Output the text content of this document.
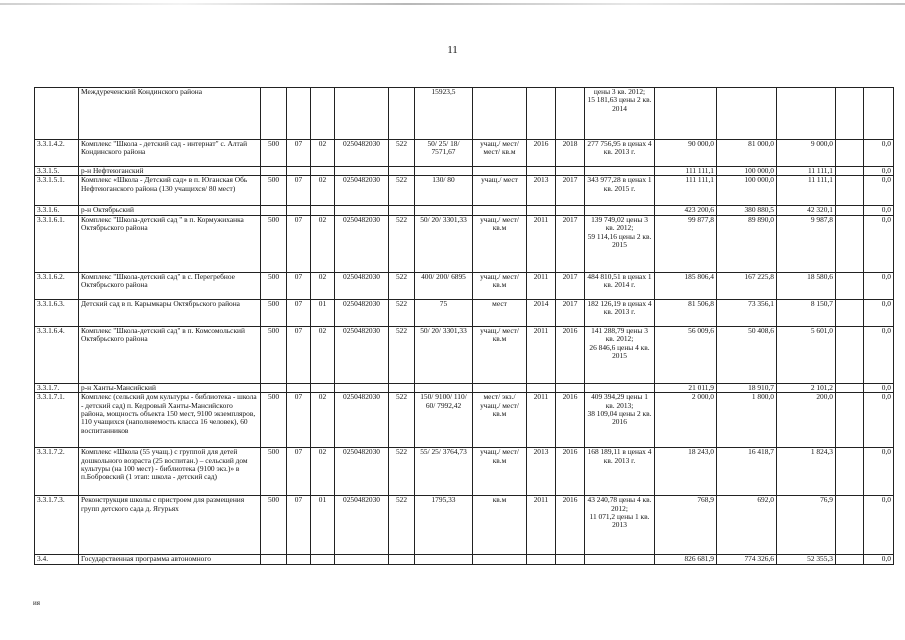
11
	Междуреченский Кондинского района						15923,5				цены 3 кв. 2012;
15 181,63 цены 2 кв. 2014					
3.3.1.4.2.	Комплекс "Школа - детский сад - интернат" с. Алтай Кондинского района	500	07	02	0250482030	522	50/ 25/ 18/ 7571,67	учащ./ мест/ мест/ кв.м	2016	2018	277 756,95 в ценах 4 кв. 2013 г.	90 000,0	81 000,0	9 000,0		0,0
3.3.1.5.	р-н Нефтеюганский											111 111,1	100 000,0	11 111,1		0,0
3.3.1.5.1.	Комплекс «Школа - Детский сад» в п. Юганская Обь Нефтеюганского района (130 учащихся/ 80 мест)	500	07	02	0250482030	522	130/ 80	учащ./ мест	2013	2017	343 977,28 в ценах 1 кв. 2015 г.	111 111,1	100 000,0	11 111,1		0,0
3.3.1.6.	р-н Октябрьский											423 200,6	380 880,5	42 320,1		0,0
3.3.1.6.1.	Комплекс "Школа-детский сад " в п. Кормужиханка Октябрьского района	500	07	02	0250482030	522	50/ 20/ 3301,33	учащ./ мест/ кв.м	2011	2017	139 749,02 цены 3 кв. 2012;
59 114,16 цены 2 кв. 2015	99 877,8	89 890,0	9 987,8		0,0
3.3.1.6.2.	Комплекс "Школа-детский сад" в с. Перегребное Октябрьского района	500	07	02	0250482030	522	400/ 200/ 6895	учащ./ мест/ кв.м	2011	2017	484 810,51 в ценах 1 кв. 2014 г.	185 806,4	167 225,8	18 580,6		0,0
3.3.1.6.3.	Детский сад в п. Карымкары Октябрьского района	500	07	01	0250482030	522	75	мест	2014	2017	182 126,19 в ценах 4 кв. 2013 г.	81 506,8	73 356,1	8 150,7		0,0
3.3.1.6.4.	Комплекс "Школа-детский сад" в п. Комсомольский Октябрьского района	500	07	02	0250482030	522	50/ 20/ 3301,33	учащ./ мест/ кв.м	2011	2016	141 288,79 цены 3 кв. 2012;
26 846,6 цены 4 кв. 2015	56 009,6	50 408,6	5 601,0		0,0
3.3.1.7.	р-н Ханты-Мансийский											21 011,9	18 910,7	2 101,2		0,0
3.3.1.7.1.	Комплекс (сельский дом культуры - библиотека - школа - детский сад) п. Кедровый Ханты-Мансийского района, мощность объекта 150 мест, 9100 экземпляров, 110 учащихся (наполняемость класса 16 человек), 60 воспитанников	500	07	02	0250482030	522	150/ 9100/ 110/ 60/ 7992,42	мест/ экз./ учащ./ мест/ кв.м	2011	2016	409 394,29 цены 1 кв. 2013;
38 109,04 цены 2 кв. 2016	2 000,0	1 800,0	200,0		0,0
3.3.1.7.2.	Комплекс «Школа (55 учащ.) с группой для детей дошкольного возраста (25 воспитан.) – сельский дом культуры (на 100 мест) - библиотека (9100 экз.)» в п.Бобровский (1 этап: школа - детский сад)	500	07	02	0250482030	522	55/ 25/ 3764,73	учащ./ мест/ кв.м	2013	2016	168 189,11 в ценах 4 кв. 2013 г.	18 243,0	16 418,7	1 824,3		0,0
3.3.1.7.3.	Реконструкция школы с пристроем для размещения групп детского сада д. Ягурьях	500	07	01	0250482030	522	1795,33	кв.м	2011	2016	43 240,78 цены 4 кв. 2012;
11 071,2 цены 1 кв. 2013	768,9	692,0	76,9		0,0
3.4.	Государственная программа автономного											826 681,9	774 326,6	52 355,3		0,0
ия
